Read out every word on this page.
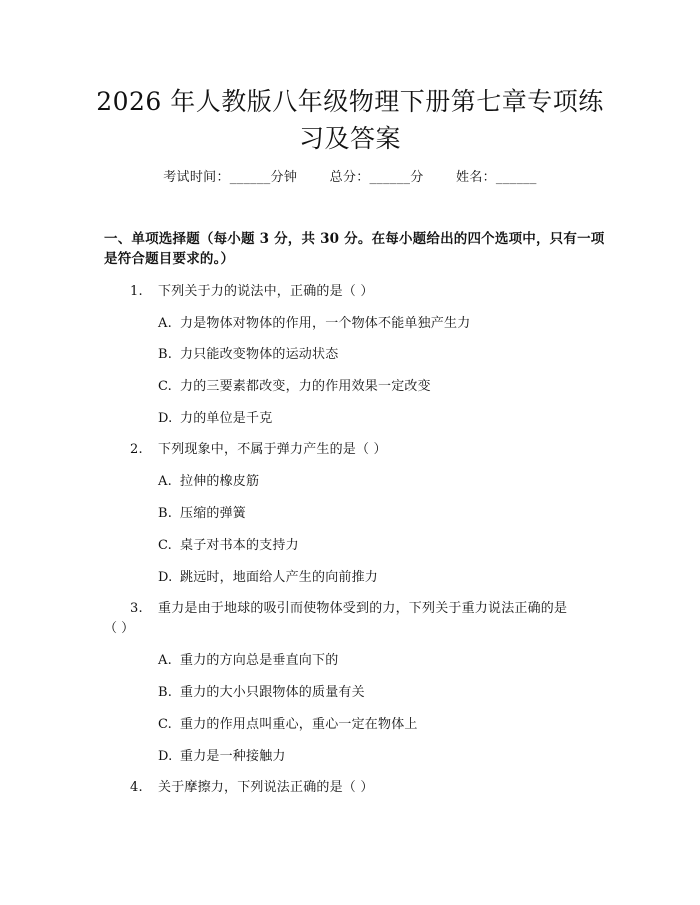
2026 年人教版八年级物理下册第七章专项练
习及答案
考试时间：______分钟 总分：______分 姓名：______
一、单项选择题（每小题 3 分，共 30 分。在每小题给出的四个选项中，只有一项
是符合题目要求的。）
1. 下列关于力的说法中，正确的是（ ）
A. 力是物体对物体的作用，一个物体不能单独产生力
B. 力只能改变物体的运动状态
C. 力的三要素都改变，力的作用效果一定改变
D. 力的单位是千克
2. 下列现象中，不属于弹力产生的是（ ）
A. 拉伸的橡皮筋
B. 压缩的弹簧
C. 桌子对书本的支持力
D. 跳远时，地面给人产生的向前推力
3. 重力是由于地球的吸引而使物体受到的力，下列关于重力说法正确的是
（ ）
A. 重力的方向总是垂直向下的
B. 重力的大小只跟物体的质量有关
C. 重力的作用点叫重心，重心一定在物体上
D. 重力是一种接触力
4. 关于摩擦力，下列说法正确的是（ ）
